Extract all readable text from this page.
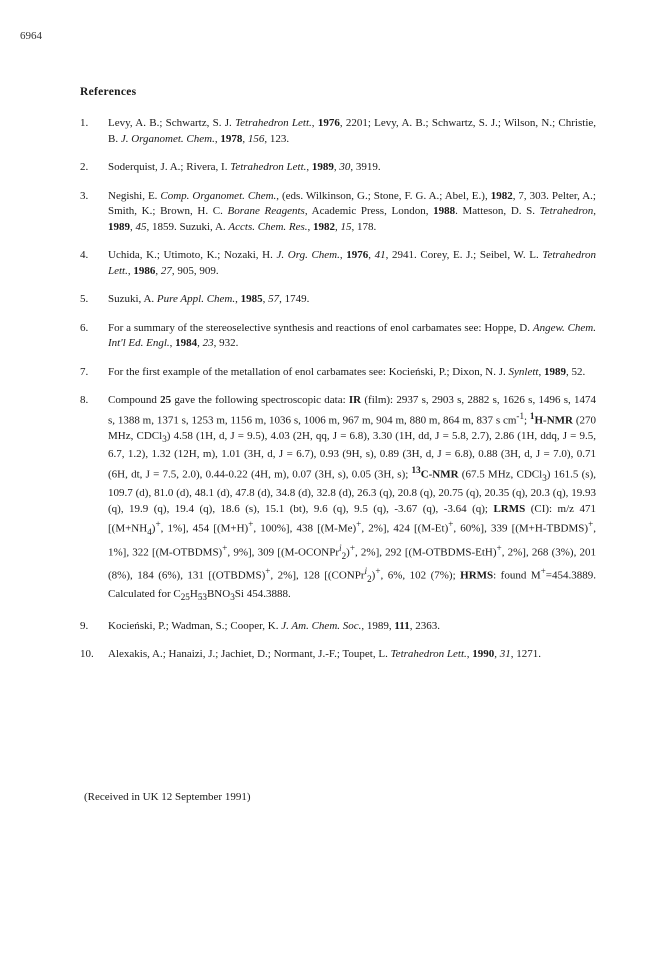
6964
References
1.	Levy, A. B.; Schwartz, S. J. Tetrahedron Lett., 1976, 2201; Levy, A. B.; Schwartz, S. J.; Wilson, N.; Christie, B. J. Organomet. Chem., 1978, 156, 123.
2.	Soderquist, J. A.; Rivera, I. Tetrahedron Lett., 1989, 30, 3919.
3.	Negishi, E. Comp. Organomet. Chem., (eds. Wilkinson, G.; Stone, F. G. A.; Abel, E.), 1982, 7, 303. Pelter, A.; Smith, K.; Brown, H. C. Borane Reagents, Academic Press, London, 1988. Matteson, D. S. Tetrahedron, 1989, 45, 1859. Suzuki, A. Accts. Chem. Res., 1982, 15, 178.
4.	Uchida, K.; Utimoto, K.; Nozaki, H. J. Org. Chem., 1976, 41, 2941. Corey, E. J.; Seibel, W. L. Tetrahedron Lett., 1986, 27, 905, 909.
5.	Suzuki, A. Pure Appl. Chem., 1985, 57, 1749.
6.	For a summary of the stereoselective synthesis and reactions of enol carbamates see: Hoppe, D. Angew. Chem. Int'l Ed. Engl., 1984, 23, 932.
7.	For the first example of the metallation of enol carbamates see: Kocieński, P.; Dixon, N. J. Synlett, 1989, 52.
8.	Compound 25 gave the following spectroscopic data: IR (film): 2937 s, 2903 s, 2882 s, 1626 s, 1496 s, 1474 s, 1388 m, 1371 s, 1253 m, 1156 m, 1036 s, 1006 m, 967 m, 904 m, 880 m, 864 m, 837 s $cm^{-1}$; $^1$H-NMR (270 MHz, CDCl$_3$) 4.58 (1H, d, J = 9.5), 4.03 (2H, qq, J = 6.8), 3.30 (1H, dd, J = 5.8, 2.7), 2.86 (1H, ddq, J = 9.5, 6.7, 1.2), 1.32 (12H, m), 1.01 (3H, d, J = 6.7), 0.93 (9H, s), 0.89 (3H, d, J = 6.8), 0.88 (3H, d, J = 7.0), 0.71 (6H, dt, J = 7.5, 2.0), 0.44-0.22 (4H, m), 0.07 (3H, s), 0.05 (3H, s); $^{13}$C-NMR (67.5 MHz, CDCl$_3$) 161.5 (s), 109.7 (d), 81.0 (d), 48.1 (d), 47.8 (d), 34.8 (d), 32.8 (d), 26.3 (q), 20.8 (q), 20.75 (q), 20.35 (q), 20.3 (q), 19.93 (q), 19.9 (q), 19.4 (q), 18.6 (s), 15.1 (bt), 9.6 (q), 9.5 (q), -3.67 (q), -3.64 (q); LRMS (CI): m/z 471 [$(M+NH_4)^+$, 1%], 454 [(M+H)+, 100%], 438 [(M-Me)+, 2%], 424 [(M-Et)+, 60%], 339 [(M+H-TBDMS)+, 1%], 322 [(M-OTBDMS)+, 9%], 309 [(M-OCONPr$^i_2$)+, 2%], 292 [(M-OTBDMS-EtH)+, 2%], 268 (3%), 201 (8%), 184 (6%), 131 [(OTBDMS)+, 2%], 128 [(CONPr$^i_2$)+, 6%, 102 (7%); HRMS: found M+=454.3889. Calculated for $C_{25}H_{53}BNO_3Si$ 454.3888.
9.	Kocieński, P.; Wadman, S.; Cooper, K. J. Am. Chem. Soc., 1989, 111, 2363.
10.	Alexakis, A.; Hanaizi, J.; Jachiet, D.; Normant, J.-F.; Toupet, L. Tetrahedron Lett., 1990, 31, 1271.
(Received in UK 12 September 1991)
